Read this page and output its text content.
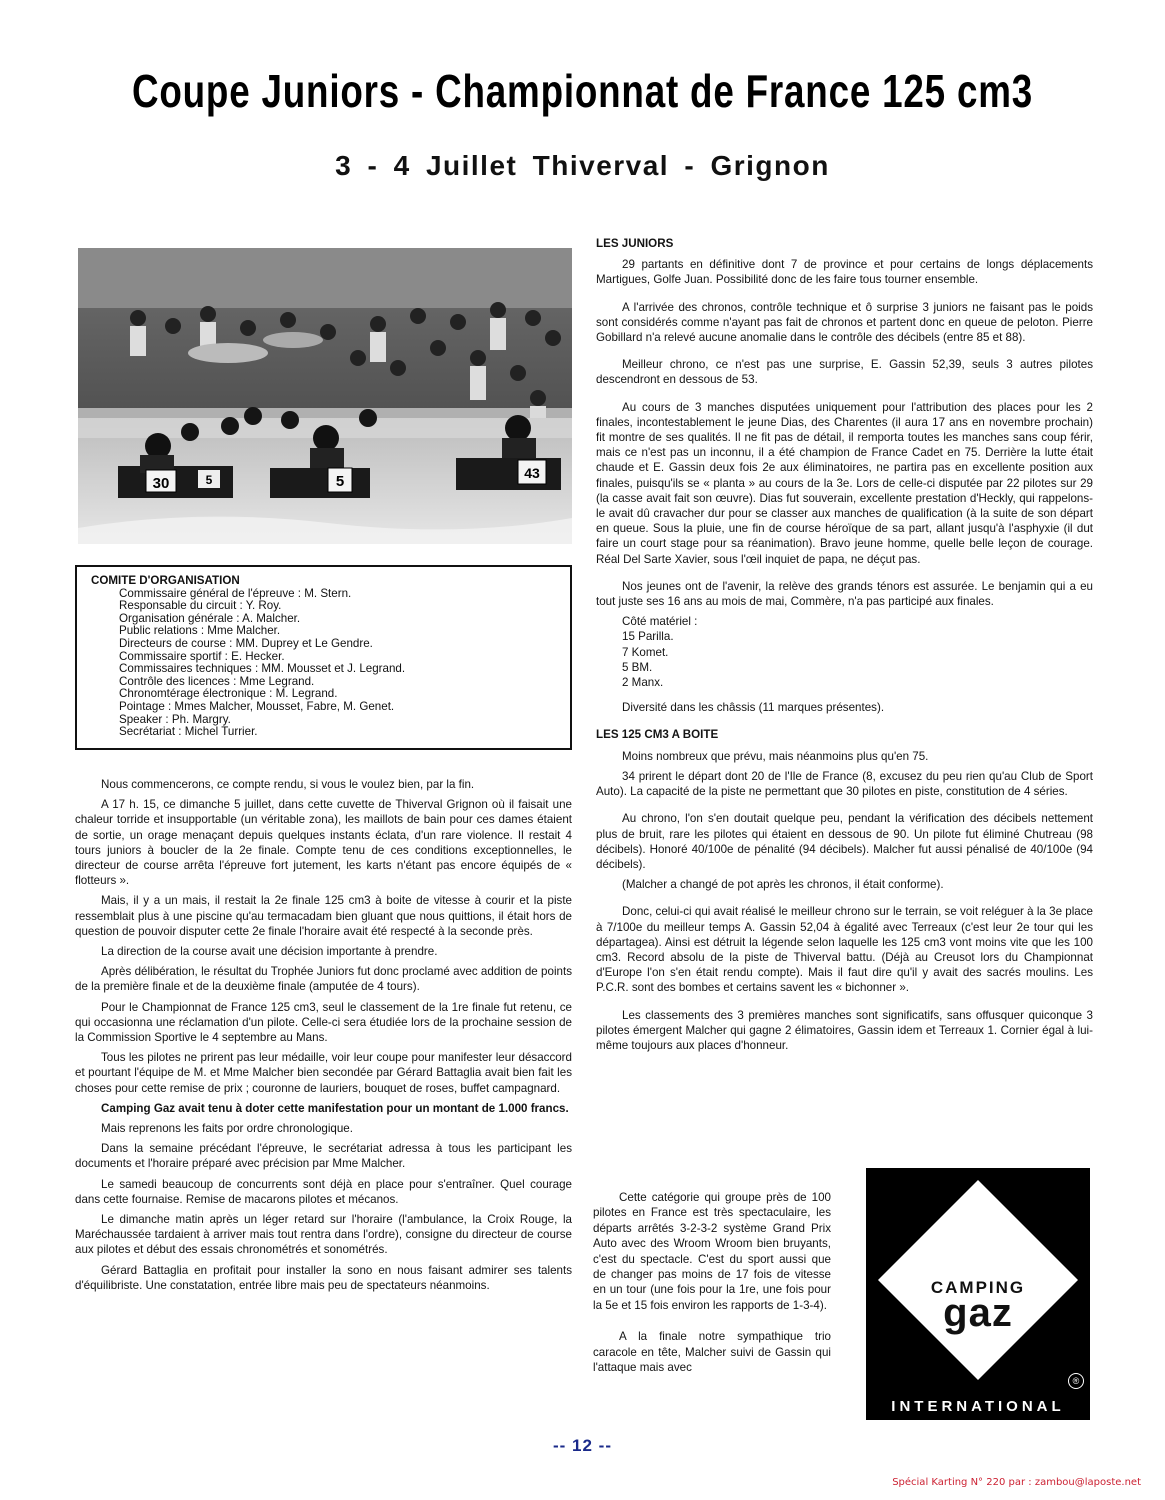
Coupe Juniors - Championnat de France 125 cm3
3 - 4 Juillet Thiverval - Grignon
30	5	5	43
COMITE D'ORGANISATION
Commissaire général de l'épreuve : M. Stern.
Responsable du circuit : Y. Roy.
Organisation générale : A. Malcher.
Public relations : Mme Malcher.
Directeurs de course : MM. Duprey et Le Gendre.
Commissaire sportif : E. Hecker.
Commissaires techniques : MM. Mousset et J. Legrand.
Contrôle des licences : Mme Legrand.
Chronomtérage électronique : M. Legrand.
Pointage : Mmes Malcher, Mousset, Fabre, M. Genet.
Speaker : Ph. Margry.
Secrétariat : Michel Turrier.

Nous commencerons, ce compte rendu, si vous le voulez bien, par la fin.

A 17 h. 15, ce dimanche 5 juillet, dans cette cuvette de Thiverval Grignon où il faisait une chaleur torride et insupportable (un véritable zona), les maillots de bain pour ces dames étaient de sortie, un orage menaçant depuis quelques instants éclata, d'un rare violence. Il restait 4 tours juniors à boucler de la 2e finale. Compte tenu de ces conditions exceptionnelles, le directeur de course arrêta l'épreuve fort jutement, les karts n'étant pas encore équipés de « flotteurs ».

Mais, il y a un mais, il restait la 2e finale 125 cm3 à boite de vitesse à courir et la piste ressemblait plus à une piscine qu'au termacadam bien gluant que nous quittions, il était hors de question de pouvoir disputer cette 2e finale l'horaire avait été respecté à la seconde près.

La direction de la course avait une décision importante à prendre.

Après délibération, le résultat du Trophée Juniors fut donc proclamé avec addition de points de la première finale et de la deuxième finale (amputée de 4 tours).

Pour le Championnat de France 125 cm3, seul le classement de la 1re finale fut retenu, ce qui occasionna une réclamation d'un pilote. Celle-ci sera étudiée lors de la prochaine session de la Commission Sportive le 4 septembre au Mans.

Tous les pilotes ne prirent pas leur médaille, voir leur coupe pour manifester leur désaccord et pourtant l'équipe de M. et Mme Malcher bien secondée par Gérard Battaglia avait bien fait les choses pour cette remise de prix ; couronne de lauriers, bouquet de roses, buffet campagnard.

Camping Gaz avait tenu à doter cette manifestation pour un montant de 1.000 francs.

Mais reprenons les faits por ordre chronologique.

Dans la semaine précédant l'épreuve, le secrétariat adressa à tous les participant les documents et l'horaire préparé avec précision par Mme Malcher.

Le samedi beaucoup de concurrents sont déjà en place pour s'entraîner. Quel courage dans cette fournaise. Remise de macarons pilotes et mécanos.

Le dimanche matin après un léger retard sur l'horaire (l'ambulance, la Croix Rouge, la Maréchaussée tardaient à arriver mais tout rentra dans l'ordre), consigne du directeur de course aux pilotes et début des essais chronométrés et sonométrés.

Gérard Battaglia en profitait pour installer la sono en nous faisant admirer ses talents d'équilibriste. Une constatation, entrée libre mais peu de spectateurs néanmoins.

LES JUNIORS

29 partants en définitive dont 7 de province et pour certains de longs déplacements Martigues, Golfe Juan. Possibilité donc de les faire tous tourner ensemble.

A l'arrivée des chronos, contrôle technique et ô surprise 3 juniors ne faisant pas le poids sont considérés comme n'ayant pas fait de chronos et partent donc en queue de peloton. Pierre Gobillard n'a relevé aucune anomalie dans le contrôle des décibels (entre 85 et 88).

Meilleur chrono, ce n'est pas une surprise, E. Gassin 52,39, seuls 3 autres pilotes descendront en dessous de 53.

Au cours de 3 manches disputées uniquement pour l'attribution des places pour les 2 finales, incontestablement le jeune Dias, des Charentes (il aura 17 ans en novembre prochain) fit montre de ses qualités. Il ne fit pas de détail, il remporta toutes les manches sans coup férir, mais ce n'est pas un inconnu, il a été champion de France Cadet en 75. Derrière la lutte était chaude et E. Gassin deux fois 2e aux éliminatoires, ne partira pas en excellente position aux finales, puisqu'ils se « planta » au cours de la 3e. Lors de celle-ci disputée par 22 pilotes sur 29 (la casse avait fait son œuvre). Dias fut souverain, excellente prestation d'Heckly, qui rappelons-le avait dû cravacher dur pour se classer aux manches de qualification (à la suite de son départ en queue. Sous la pluie, une fin de course héroïque de sa part, allant jusqu'à l'asphyxie (il dut faire un court stage pour sa réanimation). Bravo jeune homme, quelle belle leçon de courage. Réal Del Sarte Xavier, sous l'œil inquiet de papa, ne déçut pas.

Nos jeunes ont de l'avenir, la relève des grands ténors est assurée. Le benjamin qui a eu tout juste ses 16 ans au mois de mai, Commère, n'a pas participé aux finales.

Côté matériel :
15 Parilla.
7 Komet.
5 BM.
2 Manx.

Diversité dans les châssis (11 marques présentes).

LES 125 CM3 A BOITE

Moins nombreux que prévu, mais néanmoins plus qu'en 75.

34 prirent le départ dont 20 de l'Ile de France (8, excusez du peu rien qu'au Club de Sport Auto). La capacité de la piste ne permettant que 30 pilotes en piste, constitution de 4 séries.

Au chrono, l'on s'en doutait quelque peu, pendant la vérification des décibels nettement plus de bruit, rare les pilotes qui étaient en dessous de 90. Un pilote fut éliminé Chutreau (98 décibels). Honoré 40/100e de pénalité (94 décibels). Malcher fut aussi pénalisé de 40/100e (94 décibels).

(Malcher a changé de pot après les chronos, il était conforme).

Donc, celui-ci qui avait réalisé le meilleur chrono sur le terrain, se voit reléguer à la 3e place à 7/100e du meilleur temps A. Gassin 52,04 à égalité avec Terreaux (c'est leur 2e tour qui les départagea). Ainsi est détruit la légende selon laquelle les 125 cm3 vont moins vite que les 100 cm3. Record absolu de la piste de Thiverval battu. (Déjà au Creusot lors du Championnat d'Europe l'on s'en était rendu compte). Mais il faut dire qu'il y avait des sacrés moulins. Les P.C.R. sont des bombes et certains savent les « bichonner ».

Les classements des 3 premières manches sont significatifs, sans offusquer quiconque 3 pilotes émergent Malcher qui gagne 2 élimatoires, Gassin idem et Terreaux 1. Cornier égal à lui-même toujours aux places d'honneur.

Cette catégorie qui groupe près de 100 pilotes en France est très spectaculaire, les départs arrêtés 3-2-3-2 système Grand Prix Auto avec des Wroom Wroom bien bruyants, c'est du spectacle. C'est du sport aussi que de changer pas moins de 17 fois de vitesse en un tour (une fois pour la 1re, une fois pour la 5e et 15 fois environ les rapports de 1-3-4).

A la finale notre sympathique trio caracole en tête, Malcher suivi de Gassin qui l'attaque mais avec

CAMPING
gaz
®
INTERNATIONAL
-- 12 --
Spécial Karting N° 220 par : zambou@laposte.net
